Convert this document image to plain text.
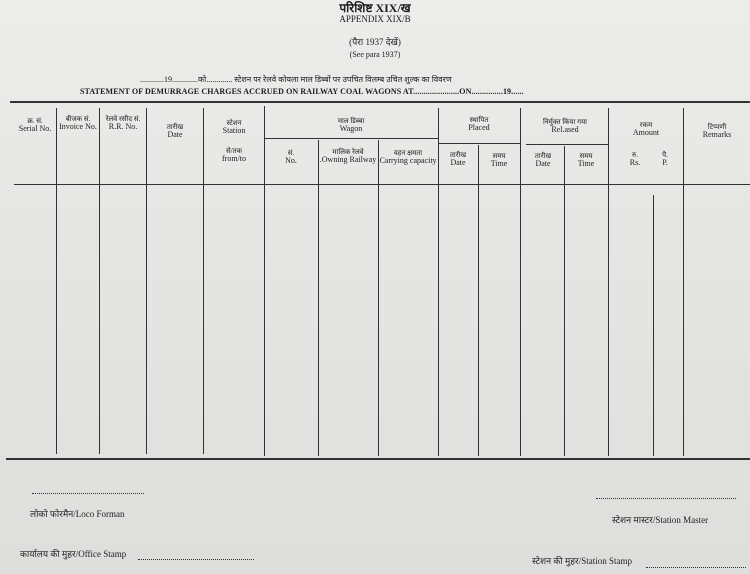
परिशिष्ट XIX/ख
APPENDIX XIX/B
(पैरा 1937 देखें)
(See para 1937)
............19.............को............. स्टेशन पर रेलवे कोयला माल डिब्बों पर उपचित विलम्ब उचित शुल्क का विवरण
STATEMENT OF DEMURRAGE CHARGES ACCRUED ON RAILWAY COAL WAGONS AT......................ON...............19......
क्र. सं.
Serial No.
बीजक सं.
Invoice No.
रेलवे रसीद सं.
R.R. No.	तारीख
Date
स्टेशन
Station
से/तक
from/to
माल डिब्बा
Wagon
सं.
No.
मालिक रेलवे
.Owning Railway
वहन क्षमता
Carrying capacity
स्थापित
Placed
तारीख
Date
समय
Time
निर्मुक्त किया गया
Rel.ased
तारीख
Date
समय
Time
रकम
Amount
रु.
Rs.
पै.
P.
टिप्पणी
Remarks
लोको फोरमैन/Loco Forman
स्टेशन मास्टर/Station Master
कार्यालय की मुहर/Office Stamp
स्टेशन की मुहर/Station Stamp
